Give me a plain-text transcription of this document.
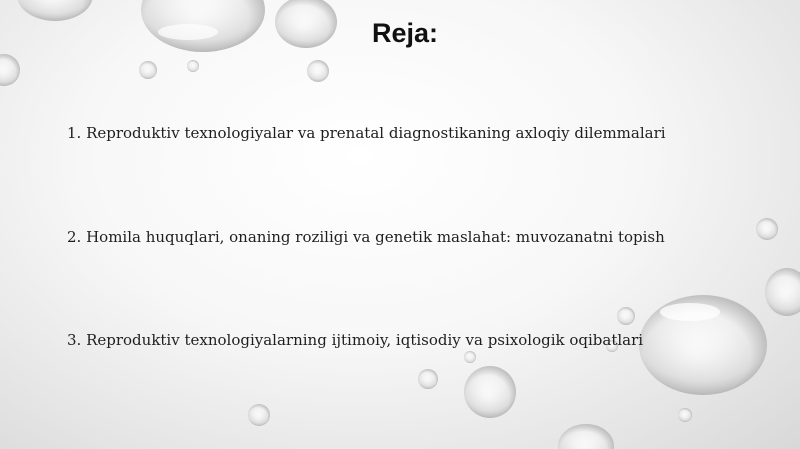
Reja:

1. Reproduktiv texnologiyalar va prenatal diagnostikaning axloqiy dilemmalari

2. Homila huquqlari, onaning roziligi va genetik maslahat: muvozanatni topish

3. Reproduktiv texnologiyalarning ijtimoiy, iqtisodiy va psixologik oqibatlari
